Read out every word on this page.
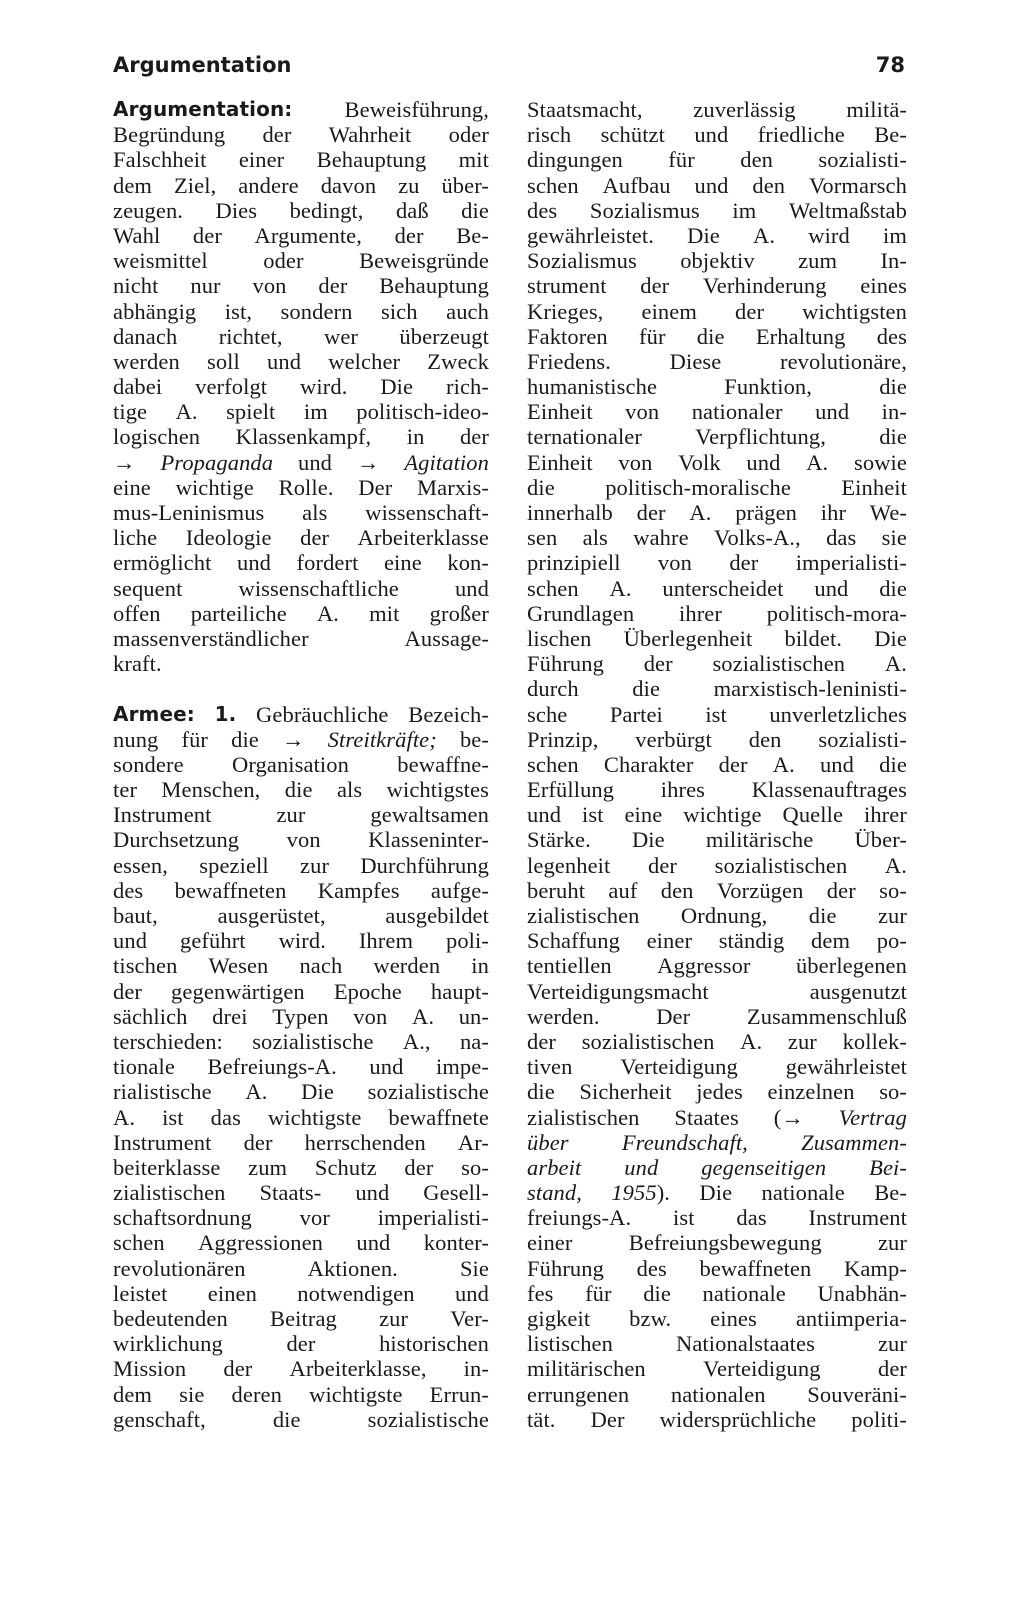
Argumentation	78
Argumentation: Beweisführung,
Begründung der Wahrheit oder
Falschheit einer Behauptung mit
dem Ziel, andere davon zu über-
zeugen. Dies bedingt, daß die
Wahl der Argumente, der Be-
weismittel oder Beweisgründe
nicht nur von der Behauptung
abhängig ist, sondern sich auch
danach richtet, wer überzeugt
werden soll und welcher Zweck
dabei verfolgt wird. Die rich-
tige A. spielt im politisch-ideo-
logischen Klassenkampf, in der
→ Propaganda und → Agitation
eine wichtige Rolle. Der Marxis-
mus-Leninismus als wissenschaft-
liche Ideologie der Arbeiterklasse
ermöglicht und fordert eine kon-
sequent wissenschaftliche und
offen parteiliche A. mit großer
massenverständlicher	Aussage-
kraft.
Armee: 1. Gebräuchliche Bezeich-
nung für die → Streitkräfte; be-
sondere Organisation bewaffne-
ter Menschen, die als wichtigstes
Instrument	zur	gewaltsamen
Durchsetzung von Klasseninter-
essen, speziell zur Durchführung
des bewaffneten Kampfes aufge-
baut,	ausgerüstet,	ausgebildet
und geführt wird. Ihrem poli-
tischen Wesen nach werden in
der gegenwärtigen Epoche haupt-
sächlich drei Typen von A. un-
terschieden: sozialistische A., na-
tionale Befreiungs-A. und impe-
rialistische A. Die sozialistische
A. ist das wichtigste bewaffnete
Instrument der herrschenden Ar-
beiterklasse zum Schutz der so-
zialistischen Staats- und Gesell-
schaftsordnung vor imperialisti-
schen Aggressionen und konter-
revolutionären	Aktionen.	Sie
leistet einen notwendigen und
bedeutenden Beitrag zur Ver-
wirklichung	der	historischen
Mission der Arbeiterklasse, in-
dem sie deren wichtigste Errun-
genschaft,	die	sozialistische
Staatsmacht, zuverlässig militä-
risch schützt und friedliche Be-
dingungen für den sozialisti-
schen Aufbau und den Vormarsch
des Sozialismus im Weltmaßstab
gewährleistet. Die A. wird im
Sozialismus objektiv zum In-
strument der Verhinderung eines
Krieges, einem der wichtigsten
Faktoren für die Erhaltung des
Friedens.	Diese	revolutionäre,
humanistische	Funktion,	die
Einheit von nationaler und in-
ternationaler Verpflichtung, die
Einheit von Volk und A. sowie
die politisch-moralische Einheit
innerhalb der A. prägen ihr We-
sen als wahre Volks-A., das sie
prinzipiell von der imperialisti-
schen A. unterscheidet und die
Grundlagen ihrer politisch-mora-
lischen Überlegenheit bildet. Die
Führung der sozialistischen A.
durch die marxistisch-leninisti-
sche Partei ist unverletzliches
Prinzip, verbürgt den sozialisti-
schen Charakter der A. und die
Erfüllung ihres Klassenauftrages
und ist eine wichtige Quelle ihrer
Stärke. Die militärische Über-
legenheit der sozialistischen A.
beruht auf den Vorzügen der so-
zialistischen Ordnung, die zur
Schaffung einer ständig dem po-
tentiellen Aggressor überlegenen
Verteidigungsmacht	ausgenutzt
werden.	Der	Zusammenschluß
der sozialistischen A. zur kollek-
tiven Verteidigung gewährleistet
die Sicherheit jedes einzelnen so-
zialistischen Staates (→ Vertrag
über Freundschaft, Zusammen-
arbeit und gegenseitigen Bei-
stand, 1955). Die nationale Be-
freiungs-A. ist das Instrument
einer	Befreiungsbewegung	zur
Führung des bewaffneten Kamp-
fes für die nationale Unabhän-
gigkeit bzw. eines antiimperia-
listischen	Nationalstaates	zur
militärischen	Verteidigung	der
errungenen nationalen Souveräni-
tät. Der widersprüchliche politi-
